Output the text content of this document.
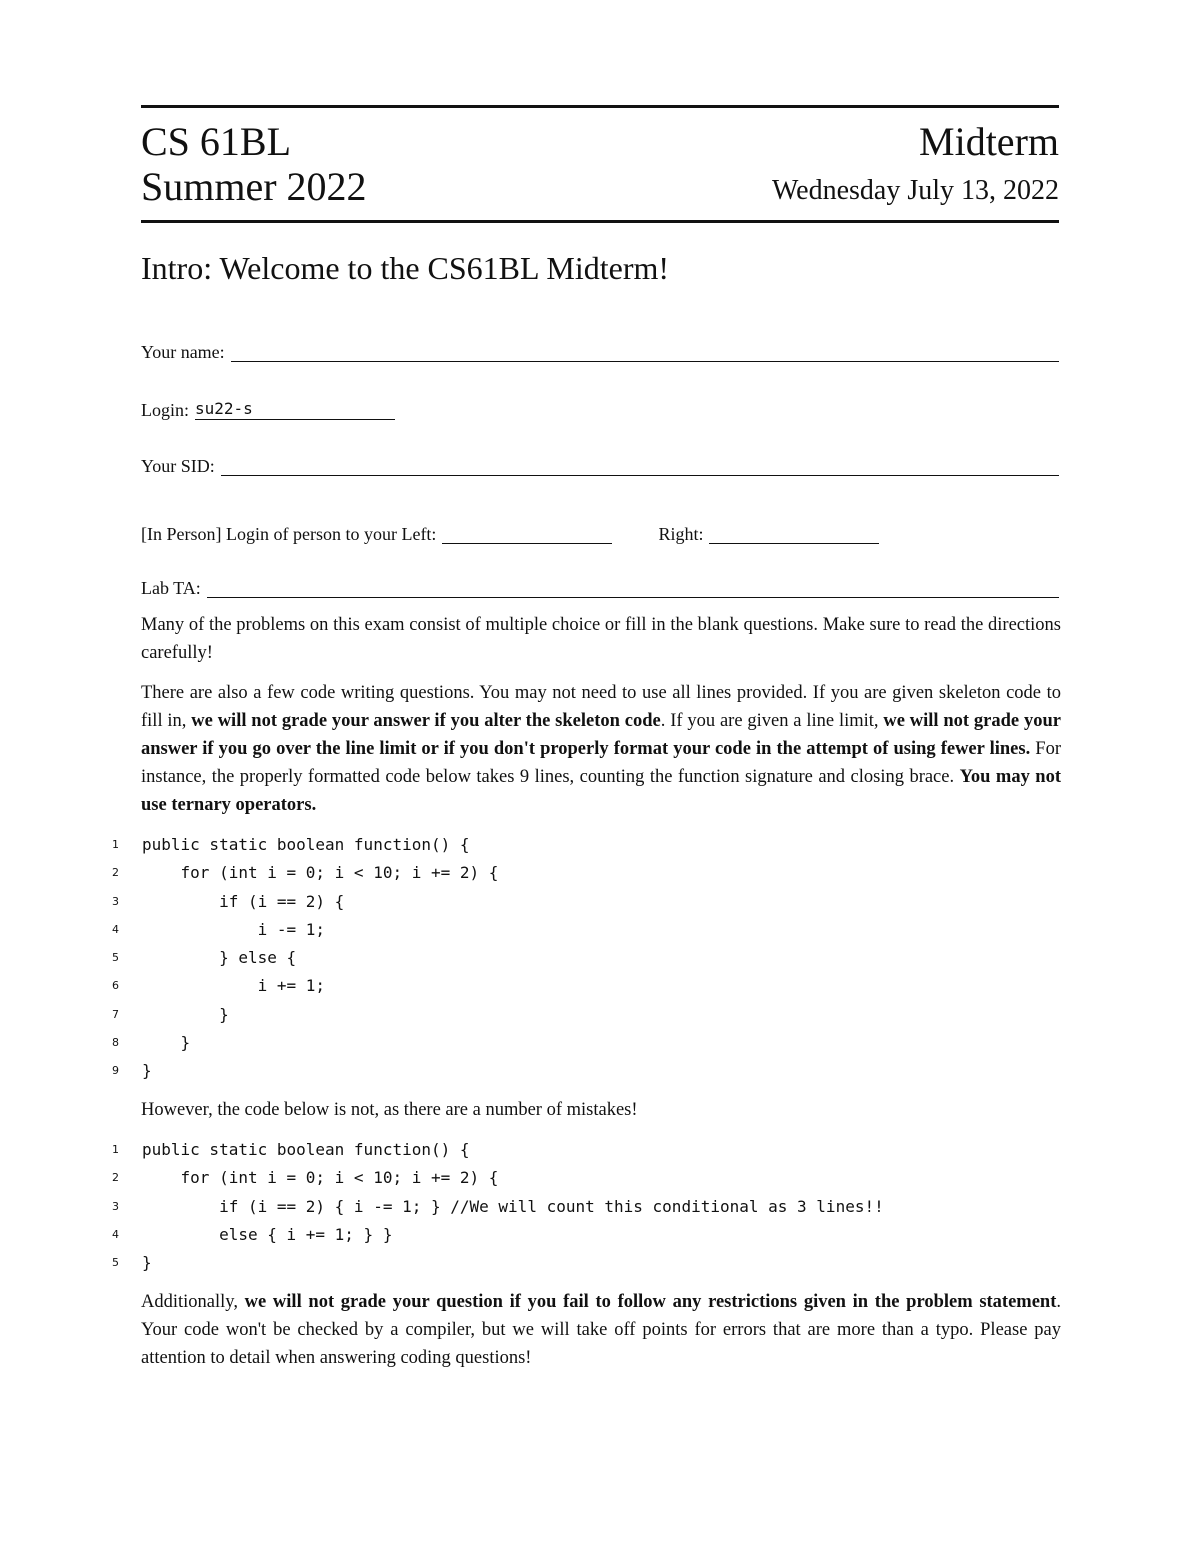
CS 61BL
Summer 2022
Midterm
Wednesday July 13, 2022
Intro: Welcome to the CS61BL Midterm!
Your name:
Login: su22-s
Your SID:
[In Person] Login of person to your Left:	Right:
Lab TA:
Many of the problems on this exam consist of multiple choice or fill in the blank questions. Make sure to read the directions carefully!
There are also a few code writing questions. You may not need to use all lines provided. If you are given skeleton code to fill in, we will not grade your answer if you alter the skeleton code. If you are given a line limit, we will not grade your answer if you go over the line limit or if you don't properly format your code in the attempt of using fewer lines. For instance, the properly formatted code below takes 9 lines, counting the function signature and closing brace. You may not use ternary operators.
1 public static boolean function() {
2 for (int i = 0; i < 10; i += 2) {
3 if (i == 2) {
4 i -= 1;
5 } else {
6 i += 1;
7 }
8 }
9 }
However, the code below is not, as there are a number of mistakes!
1 public static boolean function() {
2 for (int i = 0; i < 10; i += 2) {
3 if (i == 2) { i -= 1; } //We will count this conditional as 3 lines!!
4 else { i += 1; } }
5 }
Additionally, we will not grade your question if you fail to follow any restrictions given in the problem statement. Your code won't be checked by a compiler, but we will take off points for errors that are more than a typo. Please pay attention to detail when answering coding questions!
